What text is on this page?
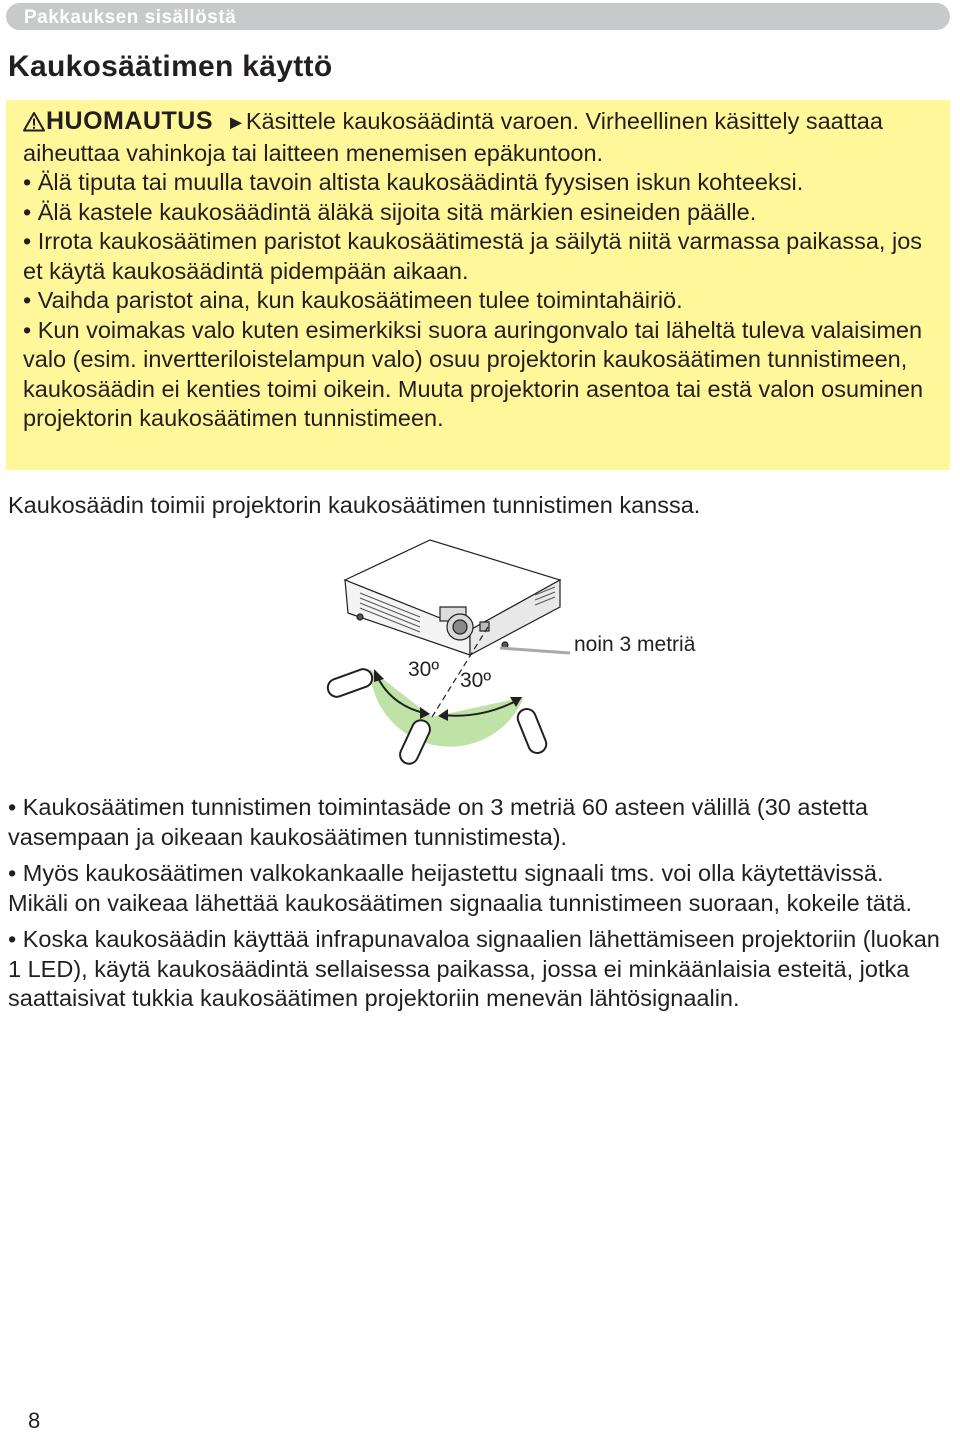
Pakkauksen sisällöstä
Kaukosäätimen käyttö

HUOMAUTUS ►Käsittele kaukosäädintä varoen. Virheellinen käsittely saattaa aiheuttaa vahinkoja tai laitteen menemisen epäkuntoon.

• Älä tiputa tai muulla tavoin altista kaukosäädintä fyysisen iskun kohteeksi.

• Älä kastele kaukosäädintä äläkä sijoita sitä märkien esineiden päälle.

• Irrota kaukosäätimen paristot kaukosäätimestä ja säilytä niitä varmassa paikassa, jos et käytä kaukosäädintä pidempään aikaan.

• Vaihda paristot aina, kun kaukosäätimeen tulee toimintahäiriö.

• Kun voimakas valo kuten esimerkiksi suora auringonvalo tai läheltä tuleva valaisimen valo (esim. invertteriloistelampun valo) osuu projektorin kaukosäätimen tunnistimeen, kaukosäädin ei kenties toimi oikein. Muuta projektorin asentoa tai estä valon osuminen projektorin kaukosäätimen tunnistimeen.

Kaukosäädin toimii projektorin kaukosäätimen tunnistimen kanssa.

30º 30º
noin 3 metriä

• Kaukosäätimen tunnistimen toimintasäde on 3 metriä 60 asteen välillä (30 astetta vasempaan ja oikeaan kaukosäätimen tunnistimesta).

• Myös kaukosäätimen valkokankaalle heijastettu signaali tms. voi olla käytettävissä. Mikäli on vaikeaa lähettää kaukosäätimen signaalia tunnistimeen suoraan, kokeile tätä.

• Koska kaukosäädin käyttää infrapunavaloa signaalien lähettämiseen projektoriin (luokan 1 LED), käytä kaukosäädintä sellaisessa paikassa, jossa ei minkäänlaisia esteitä, jotka saattaisivat tukkia kaukosäätimen projektoriin menevän lähtösignaalin.

8
